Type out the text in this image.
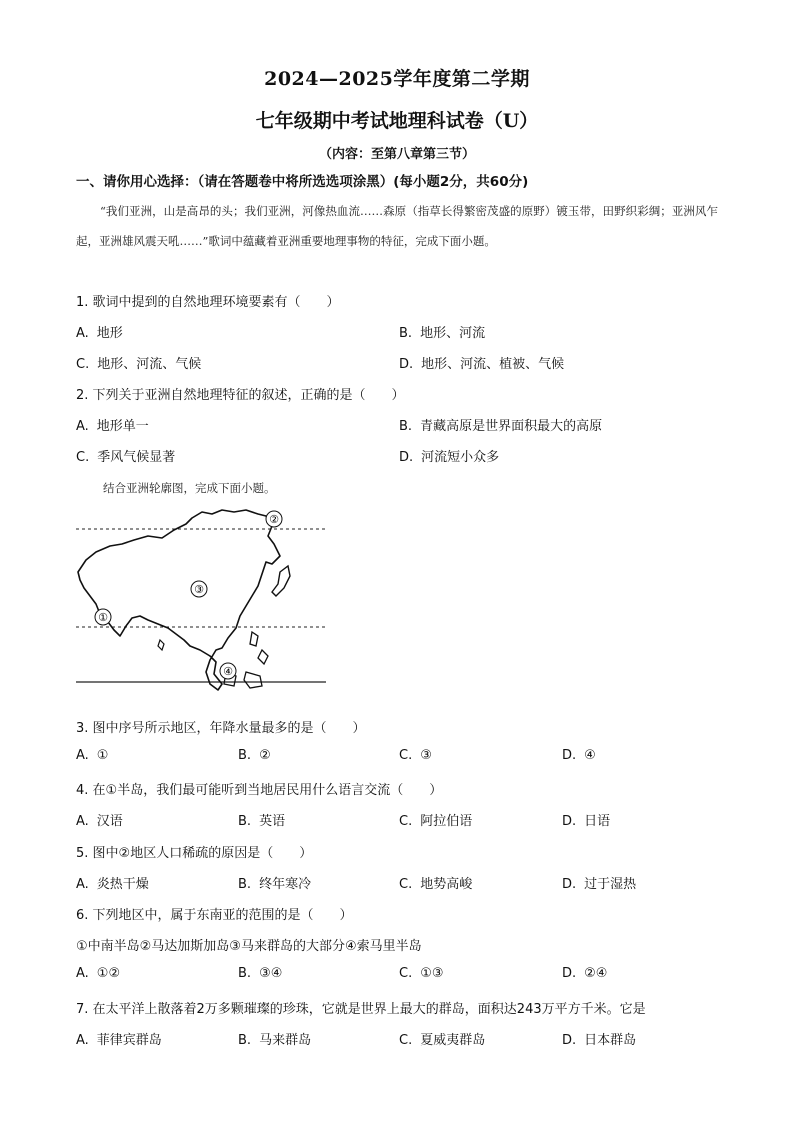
2024—2025学年度第二学期
七年级期中考试地理科试卷（U）
（内容：至第八章第三节）
一、请你用心选择：（请在答题卷中将所选选项涂黑）(每小题2分，共60分)
“我们亚洲，山是高昂的头；我们亚洲，河像热血流……森原（指草长得繁密茂盛的原野）镀玉带，田野织彩绸；亚洲风乍起，亚洲雄风震天吼……”歌词中蕴藏着亚洲重要地理事物的特征，完成下面小题。
1. 歌词中提到的自然地理环境要素有（　　）
A. 地形	B. 地形、河流
C. 地形、河流、气候	D. 地形、河流、植被、气候
2. 下列关于亚洲自然地理特征的叙述，正确的是（　　）
A. 地形单一	B. 青藏高原是世界面积最大的高原
C. 季风气候显著	D. 河流短小众多
结合亚洲轮廓图，完成下面小题。
②
③
①
④
3. 图中序号所示地区，年降水量最多的是（　　）
A. ①	B. ②	C. ③	D. ④
4. 在①半岛，我们最可能听到当地居民用什么语言交流（　　）
A. 汉语	B. 英语	C. 阿拉伯语	D. 日语
5. 图中②地区人口稀疏的原因是（　　）
A. 炎热干燥	B. 终年寒冷	C. 地势高峻	D. 过于湿热
6. 下列地区中，属于东南亚的范围的是（　　）
①中南半岛②马达加斯加岛③马来群岛的大部分④索马里半岛
A. ①②	B. ③④	C. ①③	D. ②④
7. 在太平洋上散落着2万多颗璀璨的珍珠，它就是世界上最大的群岛，面积达243万平方千米。它是
A. 菲律宾群岛	B. 马来群岛	C. 夏威夷群岛	D. 日本群岛
